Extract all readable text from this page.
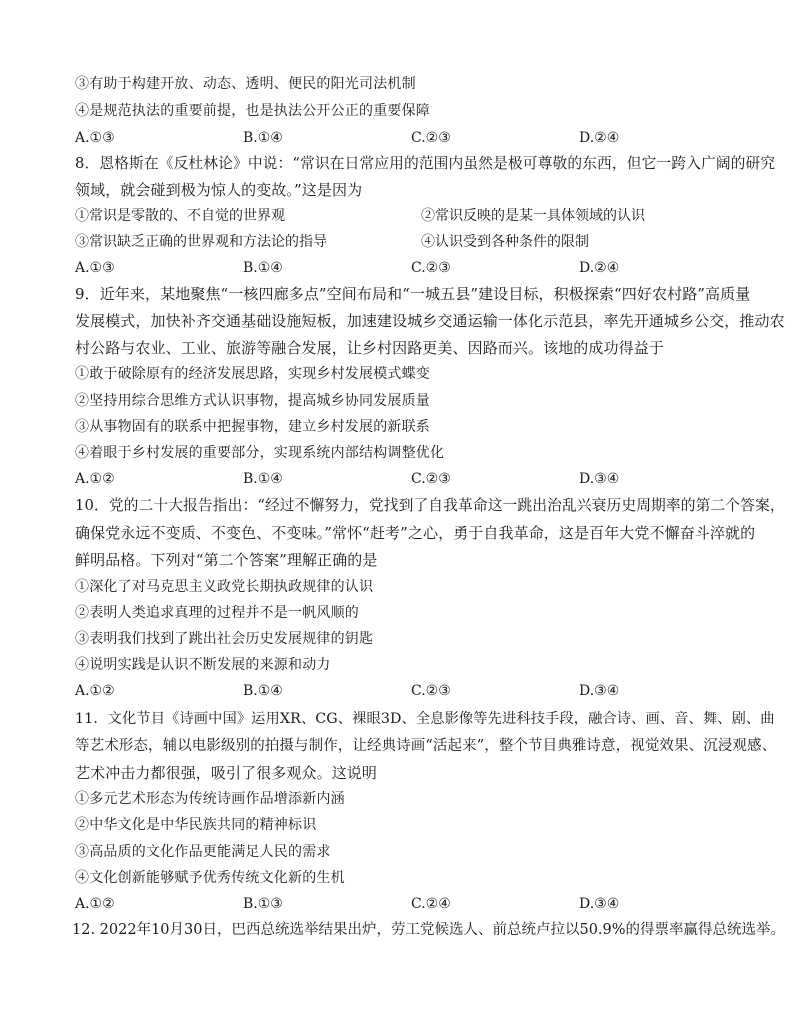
③有助于构建开放、动态、透明、便民的阳光司法机制
④是规范执法的重要前提，也是执法公开公正的重要保障
A.①③	B.①④	C.②③	D.②④
8．恩格斯在《反杜林论》中说：“常识在日常应用的范围内虽然是极可尊敬的东西，但它一跨入广阔的研究
领域，就会碰到极为惊人的变故。”这是因为
①常识是零散的、不自觉的世界观	②常识反映的是某一具体领域的认识
③常识缺乏正确的世界观和方法论的指导	④认识受到各种条件的限制
A.①③	B.①④	C.②③	D.②④
9．近年来，某地聚焦“一核四廊多点”空间布局和“一城五县”建设目标，积极探索“四好农村路”高质量
发展模式，加快补齐交通基础设施短板，加速建设城乡交通运输一体化示范县，率先开通城乡公交，推动农
村公路与农业、工业、旅游等融合发展，让乡村因路更美、因路而兴。该地的成功得益于
①敢于破除原有的经济发展思路，实现乡村发展模式蝶变
②坚持用综合思维方式认识事物，提高城乡协同发展质量
③从事物固有的联系中把握事物，建立乡村发展的新联系
④着眼于乡村发展的重要部分，实现系统内部结构调整优化
A.①②	B.①④	C.②③	D.③④
10．党的二十大报告指出：“经过不懈努力，党找到了自我革命这一跳出治乱兴衰历史周期率的第二个答案，
确保党永远不变质、不变色、不变味。”常怀“赶考”之心，勇于自我革命，这是百年大党不懈奋斗淬就的
鲜明品格。下列对“第二个答案”理解正确的是
①深化了对马克思主义政党长期执政规律的认识
②表明人类追求真理的过程并不是一帆风顺的
③表明我们找到了跳出社会历史发展规律的钥匙
④说明实践是认识不断发展的来源和动力
A.①②	B.①④	C.②③	D.③④
11．文化节目《诗画中国》运用XR、CG、裸眼3D、全息影像等先进科技手段，融合诗、画、音、舞、剧、曲
等艺术形态，辅以电影级别的拍摄与制作，让经典诗画“活起来”，整个节目典雅诗意，视觉效果、沉浸观感、
艺术冲击力都很强，吸引了很多观众。这说明
①多元艺术形态为传统诗画作品增添新内涵
②中华文化是中华民族共同的精神标识
③高品质的文化作品更能满足人民的需求
④文化创新能够赋予优秀传统文化新的生机
A.①②	B.①③	C.②④	D.③④
12. 2022年10月30日，巴西总统选举结果出炉，劳工党候选人、前总统卢拉以50.9%的得票率赢得总统选举。
